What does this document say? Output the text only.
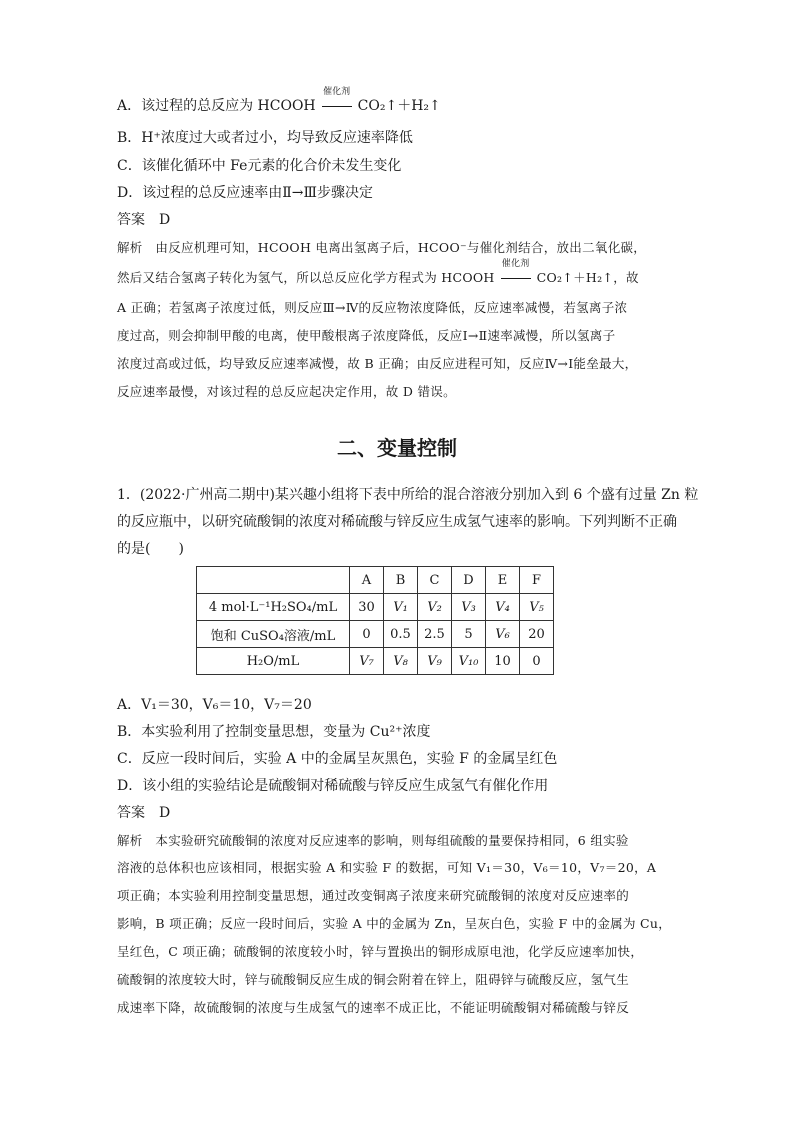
A．该过程的总反应为 HCOOH
催化剂
CO₂↑＋H₂↑
B．H⁺浓度过大或者过小，均导致反应速率降低
C．该催化循环中 Fe元素的化合价未发生变化
D．该过程的总反应速率由Ⅱ→Ⅲ步骤决定
答案　D
解析　由反应机理可知，HCOOH 电离出氢离子后，HCOO⁻与催化剂结合，放出二氧化碳，
然后又结合氢离子转化为氢气，所以总反应化学方程式为 HCOOH
催化剂
CO₂↑＋H₂↑，故
A 正确；若氢离子浓度过低，则反应Ⅲ→Ⅳ的反应物浓度降低，反应速率减慢，若氢离子浓
度过高，则会抑制甲酸的电离，使甲酸根离子浓度降低，反应Ⅰ→Ⅱ速率减慢，所以氢离子
浓度过高或过低，均导致反应速率减慢，故 B 正确；由反应进程可知，反应Ⅳ→Ⅰ能垒最大，
反应速率最慢，对该过程的总反应起决定作用，故 D 错误。
二、变量控制
1．(2022·广州高二期中)某兴趣小组将下表中所给的混合溶液分别加入到 6 个盛有过量 Zn 粒
的反应瓶中，以研究硫酸铜的浓度对稀硫酸与锌反应生成氢气速率的影响。下列判断不正确
的是(　　)
	A	B	C	D	E	F
4 mol·L⁻¹H₂SO₄/mL	30	V₁	V₂	V₃	V₄	V₅
饱和 CuSO₄溶液/mL	0	0.5	2.5	5	V₆	20
H₂O/mL	V₇	V₈	V₉	V₁₀	10	0
A．V₁＝30，V₆＝10，V₇＝20
B．本实验利用了控制变量思想，变量为 Cu²⁺浓度
C．反应一段时间后，实验 A 中的金属呈灰黑色，实验 F 的金属呈红色
D．该小组的实验结论是硫酸铜对稀硫酸与锌反应生成氢气有催化作用
答案　D
解析　本实验研究硫酸铜的浓度对反应速率的影响，则每组硫酸的量要保持相同，6 组实验
溶液的总体积也应该相同，根据实验 A 和实验 F 的数据，可知 V₁＝30，V₆＝10，V₇＝20，A
项正确；本实验利用控制变量思想，通过改变铜离子浓度来研究硫酸铜的浓度对反应速率的
影响，B 项正确；反应一段时间后，实验 A 中的金属为 Zn，呈灰白色，实验 F 中的金属为 Cu，
呈红色，C 项正确；硫酸铜的浓度较小时，锌与置换出的铜形成原电池，化学反应速率加快，
硫酸铜的浓度较大时，锌与硫酸铜反应生成的铜会附着在锌上，阻碍锌与硫酸反应，氢气生
成速率下降，故硫酸铜的浓度与生成氢气的速率不成正比，不能证明硫酸铜对稀硫酸与锌反
